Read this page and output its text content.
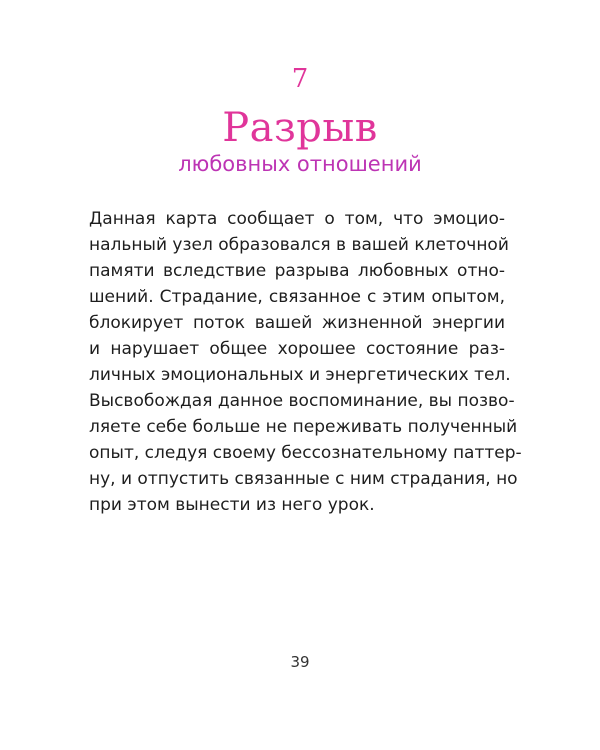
7
Разрыв
любовных отношений
Данная карта сообщает о том, что эмоцио-
нальный узел образовался в вашей клеточной
памяти вследствие разрыва любовных отно-
шений. Страдание, связанное с этим опытом,
блокирует поток вашей жизненной энергии
и нарушает общее хорошее состояние раз-
личных эмоциональных и энергетических тел.
Высвобождая данное воспоминание, вы позво-
ляете себе больше не переживать полученный
опыт, следуя своему бессознательному паттер-
ну, и отпустить связанные с ним страдания, но
при этом вынести из него урок.
39
